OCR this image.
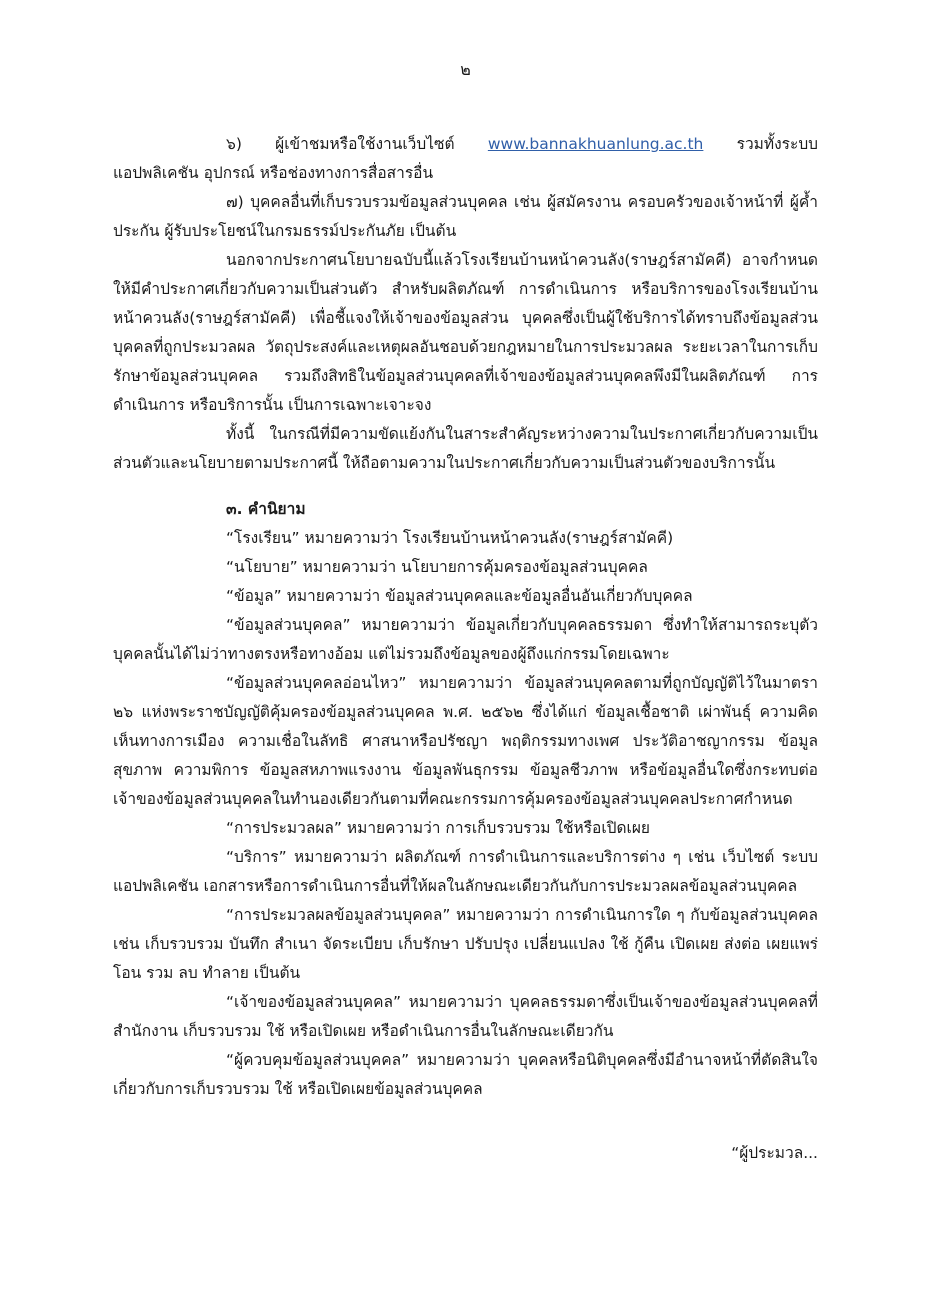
๒

๖) ผู้เข้าชมหรือใช้งานเว็บไซต์ www.bannakhuanlung.ac.th รวมทั้งระบบ แอปพลิเคชัน อุปกรณ์ หรือช่องทางการสื่อสารอื่น

๗) บุคคลอื่นที่เก็บรวบรวมข้อมูลส่วนบุคคล เช่น ผู้สมัครงาน ครอบครัวของเจ้าหน้าที่ ผู้ค้ำประกัน ผู้รับประโยชน์ในกรมธรรม์ประกันภัย เป็นต้น

นอกจากประกาศนโยบายฉบับนี้แล้วโรงเรียนบ้านหน้าควนลัง(ราษฎร์สามัคคี) อาจกำหนดให้มีคำประกาศเกี่ยวกับความเป็นส่วนตัว สำหรับผลิตภัณฑ์ การดำเนินการ หรือบริการของโรงเรียนบ้านหน้าควนลัง(ราษฎร์สามัคคี) เพื่อชี้แจงให้เจ้าของข้อมูลส่วน บุคคลซึ่งเป็นผู้ใช้บริการได้ทราบถึงข้อมูลส่วนบุคคลที่ถูกประมวลผล วัตถุประสงค์และเหตุผลอันชอบด้วยกฎหมายในการประมวลผล ระยะเวลาในการเก็บรักษาข้อมูลส่วนบุคคล รวมถึงสิทธิในข้อมูลส่วนบุคคลที่เจ้าของข้อมูลส่วนบุคคลพึงมีในผลิตภัณฑ์ การดำเนินการ หรือบริการนั้น เป็นการเฉพาะเจาะจง

ทั้งนี้ ในกรณีที่มีความขัดแย้งกันในสาระสำคัญระหว่างความในประกาศเกี่ยวกับความเป็นส่วนตัวและนโยบายตามประกาศนี้ ให้ถือตามความในประกาศเกี่ยวกับความเป็นส่วนตัวของบริการนั้น

๓. คำนิยาม

“โรงเรียน” หมายความว่า โรงเรียนบ้านหน้าควนลัง(ราษฎร์สามัคคี)

“นโยบาย” หมายความว่า นโยบายการคุ้มครองข้อมูลส่วนบุคคล

“ข้อมูล” หมายความว่า ข้อมูลส่วนบุคคลและข้อมูลอื่นอันเกี่ยวกับบุคคล

“ข้อมูลส่วนบุคคล” หมายความว่า ข้อมูลเกี่ยวกับบุคคลธรรมดา ซึ่งทำให้สามารถระบุตัวบุคคลนั้นได้ไม่ว่าทางตรงหรือทางอ้อม แต่ไม่รวมถึงข้อมูลของผู้ถึงแก่กรรมโดยเฉพาะ

“ข้อมูลส่วนบุคคลอ่อนไหว” หมายความว่า ข้อมูลส่วนบุคคลตามที่ถูกบัญญัติไว้ในมาตรา ๒๖ แห่งพระราชบัญญัติคุ้มครองข้อมูลส่วนบุคคล พ.ศ. ๒๕๖๒ ซึ่งได้แก่ ข้อมูลเชื้อชาติ เผ่าพันธุ์ ความคิดเห็นทางการเมือง ความเชื่อในลัทธิ ศาสนาหรือปรัชญา พฤติกรรมทางเพศ ประวัติอาชญากรรม ข้อมูลสุขภาพ ความพิการ ข้อมูลสหภาพแรงงาน ข้อมูลพันธุกรรม ข้อมูลชีวภาพ หรือข้อมูลอื่นใดซึ่งกระทบต่อเจ้าของข้อมูลส่วนบุคคลในทำนองเดียวกันตามที่คณะกรรมการคุ้มครองข้อมูลส่วนบุคคลประกาศกำหนด

“การประมวลผล” หมายความว่า การเก็บรวบรวม ใช้หรือเปิดเผย

“บริการ” หมายความว่า ผลิตภัณฑ์ การดำเนินการและบริการต่าง ๆ เช่น เว็บไซต์ ระบบแอปพลิเคชัน เอกสารหรือการดำเนินการอื่นที่ให้ผลในลักษณะเดียวกันกับการประมวลผลข้อมูลส่วนบุคคล

“การประมวลผลข้อมูลส่วนบุคคล” หมายความว่า การดำเนินการใด ๆ กับข้อมูลส่วนบุคคล เช่น เก็บรวบรวม บันทึก สำเนา จัดระเบียบ เก็บรักษา ปรับปรุง เปลี่ยนแปลง ใช้ กู้คืน เปิดเผย ส่งต่อ เผยแพร่ โอน รวม ลบ ทำลาย เป็นต้น

“เจ้าของข้อมูลส่วนบุคคล” หมายความว่า บุคคลธรรมดาซึ่งเป็นเจ้าของข้อมูลส่วนบุคคลที่สำนักงาน เก็บรวบรวม ใช้ หรือเปิดเผย หรือดำเนินการอื่นในลักษณะเดียวกัน

“ผู้ควบคุมข้อมูลส่วนบุคคล” หมายความว่า บุคคลหรือนิติบุคคลซึ่งมีอำนาจหน้าที่ตัดสินใจเกี่ยวกับการเก็บรวบรวม ใช้ หรือเปิดเผยข้อมูลส่วนบุคคล

“ผู้ประมวล...
